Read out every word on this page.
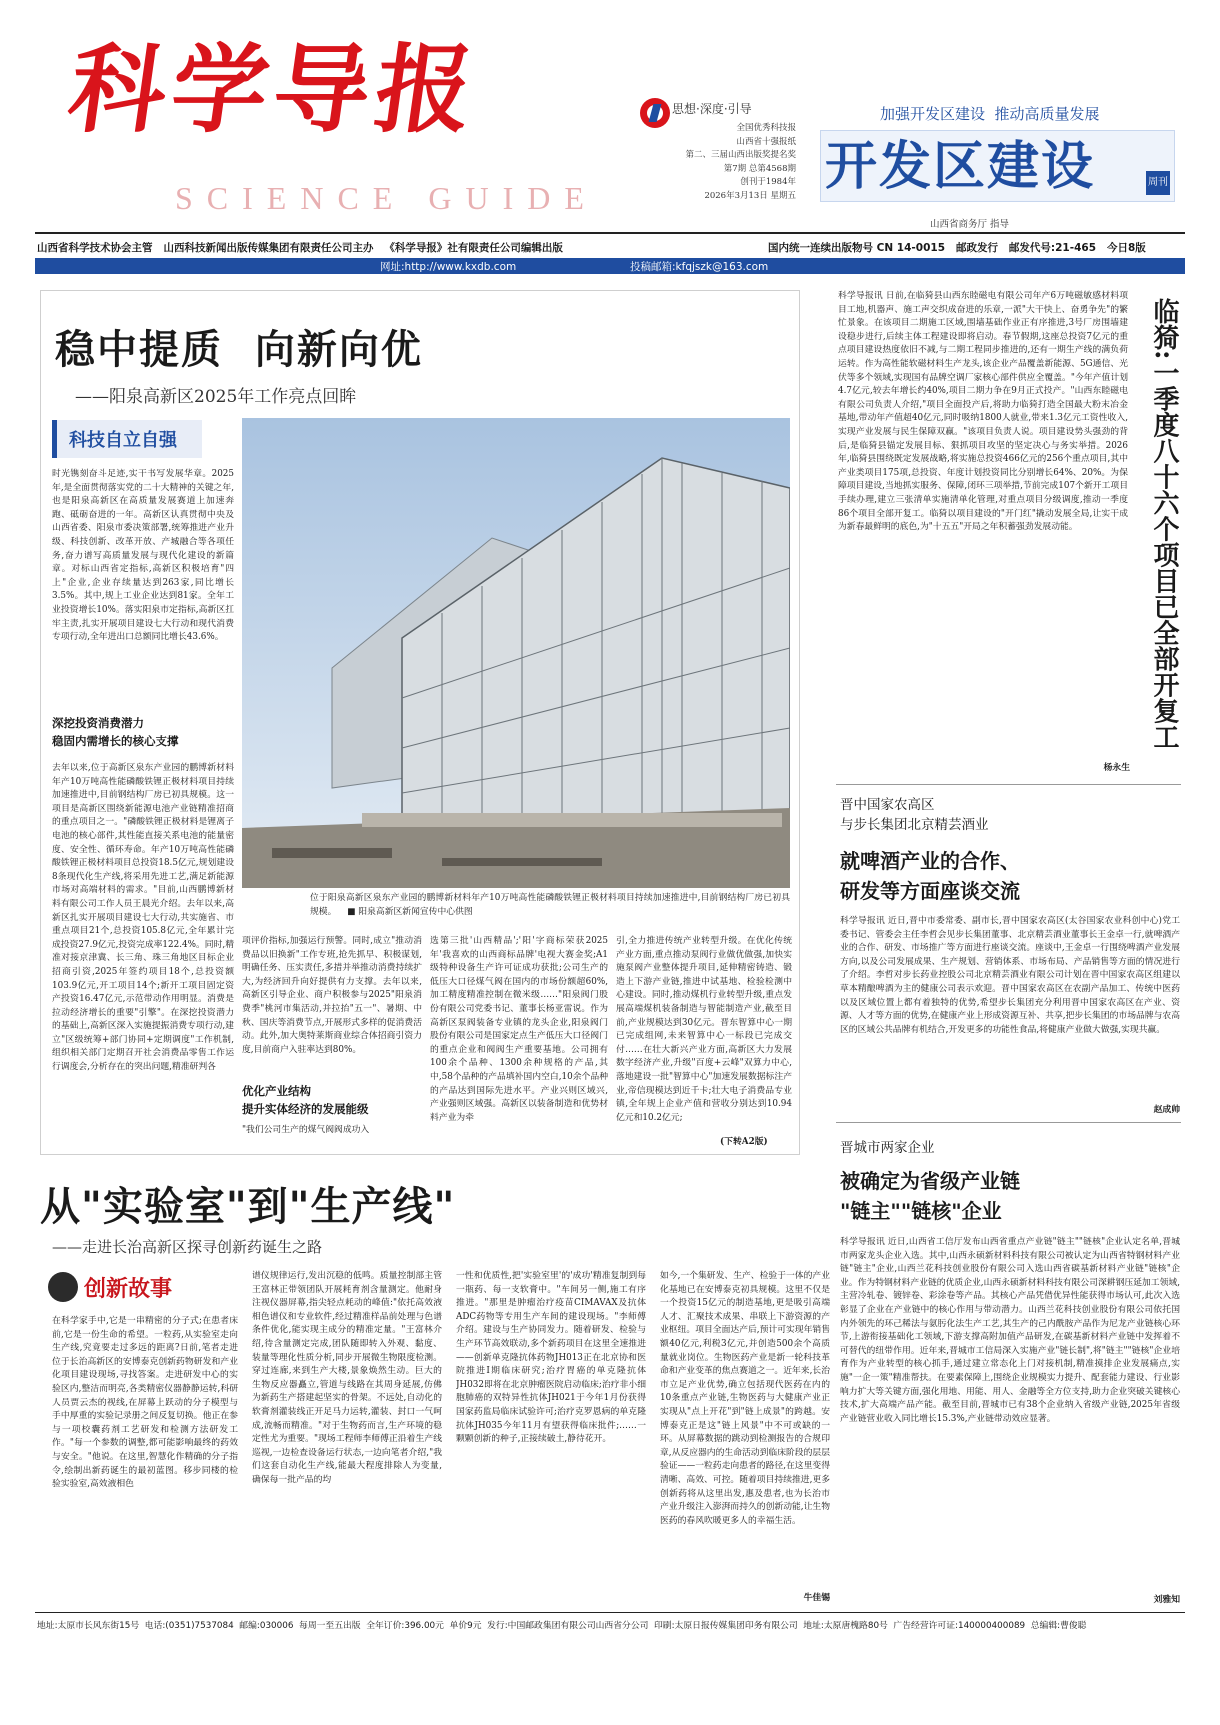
科学导报
SCIENCE GUIDE
思想·深度·引导
全国优秀科技报
山西省十强报纸
第二、三届山西出版奖提名奖
第7期 总第4568期
创刊于1984年
2026年3月13日 星期五
加强开发区建设  推动高质量发展
开发区建设	周刊
山西省商务厅 指导
山西省科学技术协会主管   山西科技新闻出版传媒集团有限责任公司主办   《科学导报》社有限责任公司编辑出版	国内统一连续出版物号 CN 14-0015   邮政发行   邮发代号:21-465   今日8版
网址:http://www.kxdb.com	投稿邮箱:kfqjszk@163.com
稳中提质  向新向优
——阳泉高新区2025年工作亮点回眸
科技自立自强
时光镌刻奋斗足迹,实干书写发展华章。2025年,是全面贯彻落实党的二十大精神的关键之年,也是阳泉高新区在高质量发展赛道上加速奔跑、砥砺奋进的一年。高新区认真贯彻中央及山西省委、阳泉市委决策部署,统筹推进产业升级、科技创新、改革开放、产城融合等各项任务,奋力谱写高质量发展与现代化建设的新篇章。对标山西省定指标,高新区积极培育"四上"企业,企业存续量达到263家,同比增长3.5%。其中,规上工业企业达到81家。全年工业投资增长10%。落实阳泉市定指标,高新区扛牢主责,扎实开展项目建设七大行动和现代消费专项行动,全年进出口总额同比增长43.6%。
深挖投资消费潜力
稳固内需增长的核心支撑
去年以来,位于高新区泉东产业园的鹏博新材料年产10万吨高性能磷酸铁锂正极材料项目持续加速推进中,目前钢结构厂房已初具规模。这一项目是高新区围绕新能源电池产业链精准招商的重点项目之一。"磷酸铁锂正极材料是锂离子电池的核心部件,其性能直接关系电池的能量密度、安全性、循环寿命。年产10万吨高性能磷酸铁锂正极材料项目总投资18.5亿元,规划建设8条现代化生产线,将采用先进工艺,满足新能源市场对高端材料的需求。"目前,山西鹏博新材料有限公司工作人员王晨光介绍。去年以来,高新区扎实开展项目建设七大行动,共实施省、市重点项目21个,总投资105.8亿元,全年累计完成投资27.9亿元,投资完成率122.4%。同时,精准对接京津冀、长三角、珠三角地区目标企业招商引资,2025年签约项目18个,总投资额103.9亿元,开工项目14个;新开工项目固定资产投资16.47亿元,示范带动作用明显。消费是拉动经济增长的重要"引擎"。在深挖投资潜力的基础上,高新区深入实施提振消费专项行动,建立"区级统筹+部门协同+定期调度"工作机制,组织相关部门定期召开社会消费品零售工作运行调度会,分析存在的突出问题,精准研判各
位于阳泉高新区泉东产业园的鹏博新材料年产10万吨高性能磷酸铁锂正极材料项目持续加速推进中,目前钢结构厂房已初具规模。 ■ 阳泉高新区新闻宣传中心供图
项评价指标,加强运行预警。同时,成立"推动消费品以旧换新"工作专班,抢先抓早、积极谋划,明确任务、压实责任,多措并举推动消费持续扩大,为经济回升向好提供有力支撑。去年以来,高新区引导企业、商户积极参与2025"阳泉消费季"桃河市集活动,并拉抬"五一"、暑期、中秋、国庆等消费节点,开展形式多样的促消费活动。此外,加大奥特莱斯商业综合体招商引资力度,目前商户入驻率达到80%。
优化产业结构
提升实体经济的发展能级
"我们公司生产的煤气阀阀成功入
选第三批'山西精品';'阳'字商标荣获2025年'我喜欢的山西商标品牌'电视大赛金奖;A1级特种设备生产许可证成功获批;公司生产的低压大口径煤气阀在国内的市场份额超60%,加工精度精准控制在微米级……"阳泉阀门股份有限公司党委书记、董事长杨亚雷说。作为高新区泵阀装备专业镇的龙头企业,阳泉阀门股份有限公司是国家定点生产低压大口径阀门的重点企业和阀阀生产重要基地。公司拥有100余个品种、1300余种规格的产品,其中,58个品种的产品填补国内空白,10余个品种的产品达到国际先进水平。产业兴则区域兴,产业强则区域强。高新区以装备制造和优势材料产业为牵
引,全力推进传统产业转型升级。在优化传统产业方面,重点推动泵阀行业做优做强,加快实施泵阀产业整体提升项目,延伸精密铸造、锻造上下游产业链,推进中试基地、检验检测中心建设。同时,推动煤机行业转型升级,重点发展高端煤机装备制造与智能制造产业,截至目前,产业规模达到30亿元。晋东智算中心一期已完成组网,未来智算中心一标段已完成交付……在壮大新兴产业方面,高新区大力发展数字经济产业,升级"百度+云峰"双算力中心,落地建设一批"智算中心"加速发展数据标注产业,帝信现模达到近千卡;壮大电子消费品专业镇,全年规上企业产值和营收分别达到10.94亿元和10.2亿元;
(下转A2版)
科学导报讯 日前,在临猗县山西东睦磁电有限公司年产6万吨磁敏感材料项目工地,机器声、施工声交织成奋进的乐章,一派"大干快上、奋勇争先"的繁忙景象。在该项目二期施工区域,围墙基础作业正有序推进,3号厂房围墙建设稳步进行,后续主体工程建设即将启动。春节假期,这座总投资7亿元的重点项目建设热度依旧不减,与二期工程同步推进的,还有一期生产线的满负荷运转。作为高性能软磁材料生产龙头,该企业产品覆盖新能源、5G通信、光伏等多个领域,实现国有品牌空调厂家核心部件供应全覆盖。"今年产值计划4.7亿元,较去年增长约40%,项目二期力争在9月正式投产。"山西东睦磁电有限公司负责人介绍,"项目全面投产后,将助力临猗打造全国最大粉末冶金基地,带动年产值超40亿元,同时吸纳1800人就业,带来1.3亿元工资性收入,实现产业发展与民生保障双赢。"该项目负责人说。项目建设势头强劲的背后,是临猗县锚定发展目标、狠抓项目攻坚的坚定决心与务实举措。2026年,临猗县围绕既定发展战略,将实施总投资466亿元的256个重点项目,其中产业类项目175项,总投资、年度计划投资同比分别增长64%、20%。为保障项目建设,当地抓实服务、保障,闭环三项举措,节前完成107个新开工项目手续办理,建立三张清单实施清单化管理,对重点项目分级调度,推动一季度86个项目全部开复工。临猗以项目建设的"开门红"撬动发展全局,让实干成为新春最鲜明的底色,为"十五五"开局之年积蓄强劲发展动能。
杨永生
临猗:一季度八十六个项目已全部开复工
晋中国家农高区
与步长集团北京精芸酒业
就啤酒产业的合作、
研发等方面座谈交流
科学导报讯 近日,晋中市委常委、副市长,晋中国家农高区(太谷国家农业科创中心)党工委书记、管委会主任李哲会见步长集团董事、北京精芸酒业董事长王金卓一行,就啤酒产业的合作、研发、市场推广等方面进行座谈交流。座谈中,王金卓一行围绕啤酒产业发展方向,以及公司发展成果、生产规划、营销体系、市场布局、产品销售等方面的情况进行了介绍。李哲对步长药业控股公司北京精芸酒业有限公司计划在晋中国家农高区组建以草本精酿啤酒为主的健康公司表示欢迎。晋中国家农高区在农副产品加工、传统中医药以及区域位置上都有着独特的优势,希望步长集团充分利用晋中国家农高区在产业、资源、人才等方面的优势,在健康产业上形成资源互补、共享,把步长集团的市场品牌与农高区的区域公共品牌有机结合,开发更多的功能性食品,将健康产业做大做强,实现共赢。
赵成帅
晋城市两家企业
被确定为省级产业链
"链主""链核"企业
科学导报讯 近日,山西省工信厅发布山西省重点产业链"链主""链核"企业认定名单,晋城市两家龙头企业入选。其中,山西永硕新材料科技有限公司被认定为山西省特钢材料产业链"链主"企业,山西兰花科技创业股份有限公司入选山西省碳基新材料产业链"链核"企业。作为特钢材料产业链的优质企业,山西永硕新材料科技有限公司深耕钢压延加工领域,主营冷轧卷、镀锌卷、彩涂卷等产品。其核心产品凭借优异性能获得市场认可,此次入选彰显了企业在产业链中的核心作用与带动潜力。山西兰花科技创业股份有限公司依托国内外领先的环己稀法与氨肟化法生产工艺,其生产的己内酰胺产品作为尼龙产业链核心环节,上游衔接基础化工领域,下游支撑高附加值产品研发,在碳基新材料产业链中发挥着不可替代的纽带作用。近年来,晋城市工信局深入实施产业"链长制",将"链主""链核"企业培育作为产业转型的核心抓手,通过建立常态化上门对接机制,精准摸排企业发展痛点,实施"一企一策"精准帮扶。在要素保障上,围绕企业规模实力提升、配套能力建设、行业影响力扩大等关键方面,强化用地、用能、用人、金融等全方位支持,助力企业突破关键核心技术,扩大高端产品产能。截至目前,晋城市已有38个企业纳入省级产业链,2025年省级产业链营业收入同比增长15.3%,产业链带动效应显著。
刘雅知
从"实验室"到"生产线"
——走进长治高新区探寻创新药诞生之路
创新故事
在科学家手中,它是一串精密的分子式;在患者床前,它是一份生命的希望。一粒药,从实验室走向生产线,究竟要走过多远的距离?日前,笔者走进位于长治高新区的安博泰克创新药物研发和产业化项目建设现场,寻找答案。走进研发中心的实验区内,整洁而明亮,各类精密仪器静静运转,科研人员贾云杰的视线,在屏幕上跃动的分子模型与手中厚重的实验记录册之间反复切换。他正在参与一项校囊药剂工艺研发和检测方法研发工作。"每一个参数的调整,都可能影响最终的药效与安全。"他说。在这里,智慧化作精确的分子指令,绘制出新药诞生的最初蓝图。移步同楼的检验实验室,高效液相色
谱仪规律运行,发出沉稳的低鸣。质量控制部主管王富林正带领团队开展耗育剂含量测定。他耐身注视仪器屏幕,指尖轻点耗动的峰值:"依托高效液相色谱仪和专业软件,经过精准样品前处理与色谱条件优化,能实现主成分的精准定量。"王富林介绍,待含量测定完成,团队随即转入外观、黏度、装量等理化性质分析,同步开展微生物限度检测。穿过连廊,来到生产大楼,景象焕然生动。巨大的生物反应器矗立,管道与线路在其周身延展,仿佛为新药生产搭建起坚实的骨架。不远处,自动化的软膏剂灌装线正开足马力运转,灌装、封口一气呵成,流畅而精准。"对于生物药而言,生产环境的稳定性尤为重要。"现场工程师李师傅正沿着生产线巡视,一边检查设备运行状态,一边向笔者介绍,"我们这套自动化生产线,能最大程度排除人为变量,确保每一批产品的均
一性和优质性,把'实验室里'的'成功'精准复制到每一瓶药、每一支软膏中。"车间另一侧,施工有序推进。"那里是肿瘤治疗疫苗CIMAVAX及抗体ADC药物等专用生产车间的建设现场。"李师傅介绍。建设与生产协同发力。随着研发、检验与生产环节高效联动,多个新药项目在这里全速推进——创新单克隆抗体药物JH013正在北京协和医院推进I期临床研究;治疗胃癌的单克隆抗体JH032即将在北京肿瘤医院启动临床;治疗非小细胞肺癌的双特异性抗体JH021于今年1月份获得国家药监局临床试验许可;治疗克罗恩病的单克隆抗体JH035今年11月有望获得临床批件;……一颗颗创新的种子,正接续破土,静待花开。
如今,一个集研发、生产、检验于一体的产业化基地已在安博泰克初具规模。这里不仅是一个投资15亿元的制造基地,更是吸引高端人才、汇聚技术成果、串联上下游资源的产业枢纽。项目全面达产后,预计可实现年销售额40亿元,利税3亿元,并创造500余个高质量就业岗位。生物医药产业是新一轮科技革命和产业变革的焦点赛道之一。近年来,长治市立足产业优势,确立包括现代医药在内的10条重点产业链,生物医药与大健康产业正实现从"点上开花"到"链上成景"的跨越。安博泰克正是这"链上风景"中不可或缺的一环。从屏幕数据的跳动到检测报告的合规印章,从反应器内的生命活动到临床阶段的层层验证——一粒药走向患者的路径,在这里变得清晰、高效、可控。随着项目持续推进,更多创新药将从这里出发,惠及患者,也为长治市产业升级注入澎湃而持久的创新动能,让生物医药的春风吹暖更多人的幸福生活。
牛佳锡
地址:太原市长风东街15号  电话:(0351)7537084  邮编:030006  每周一至五出版  全年订价:396.00元  单价9元  发行:中国邮政集团有限公司山西省分公司  印刷:太原日报传媒集团印务有限公司  地址:太原唐槐路80号  广告经营许可证:140000400089  总编辑:曹俊聪
